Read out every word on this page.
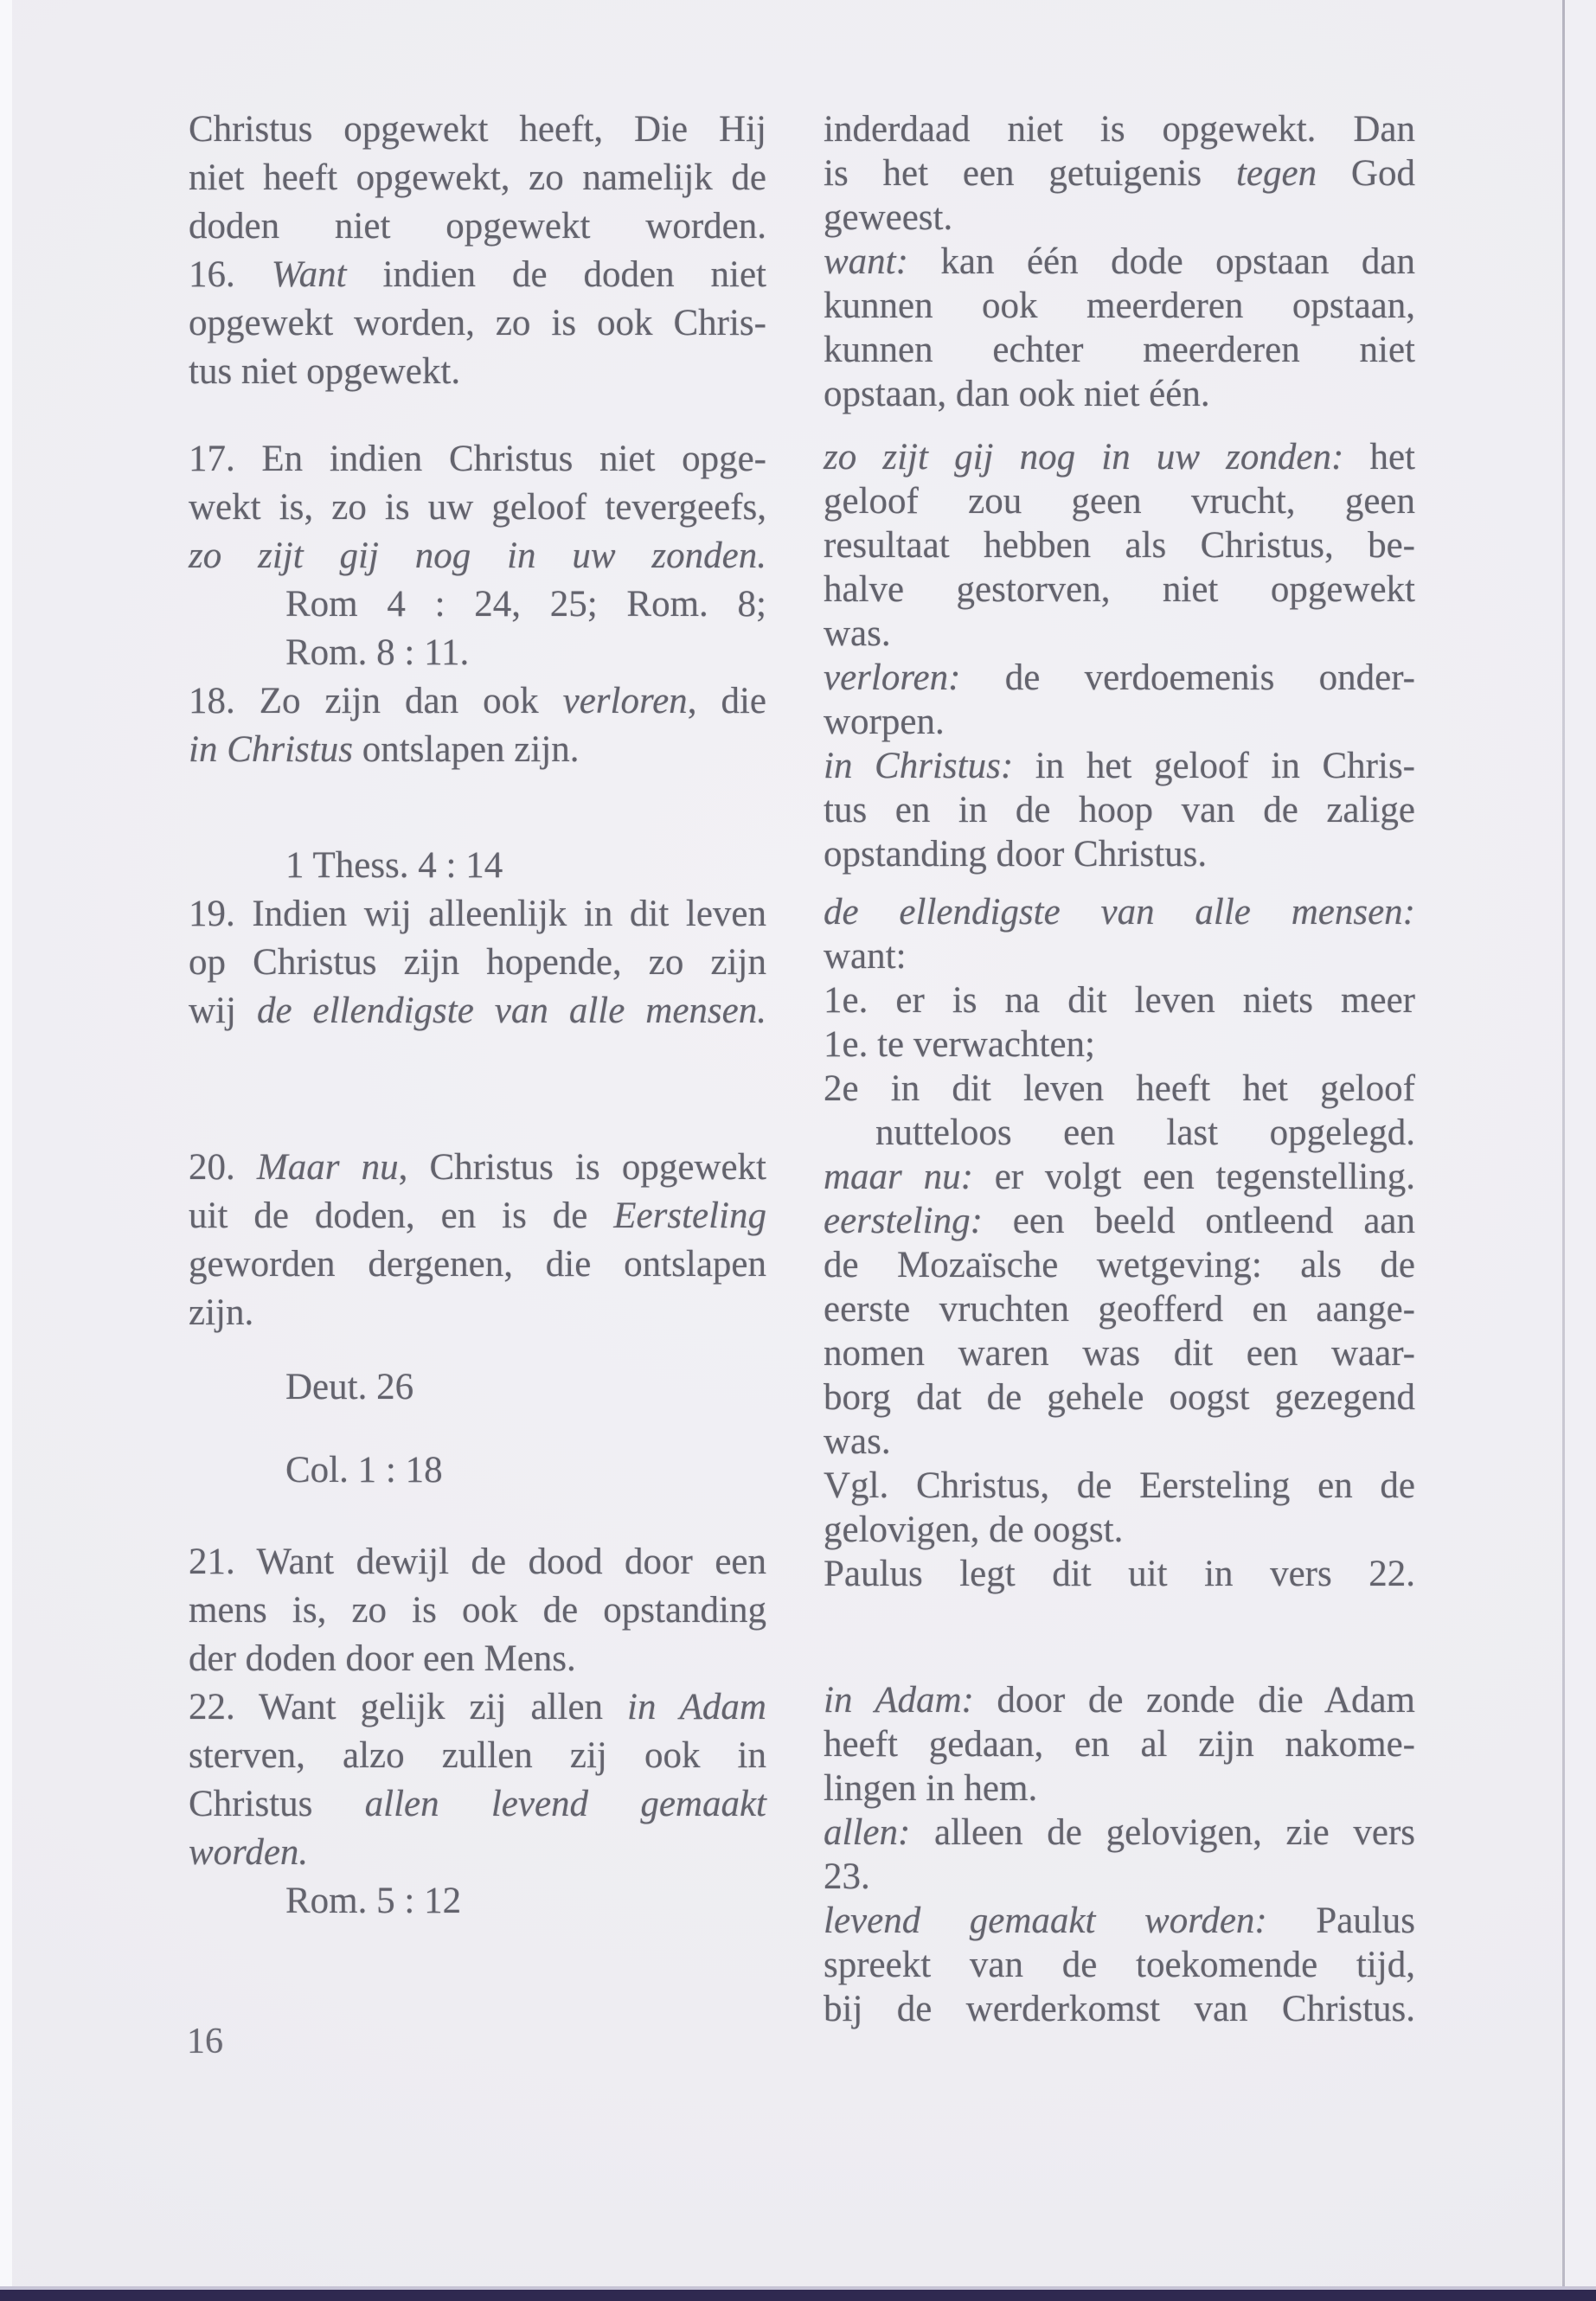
Christus opgewekt heeft, Die Hij
niet heeft opgewekt, zo namelijk de
doden niet opgewekt worden.
16. Want indien de doden niet
opgewekt worden, zo is ook Chris-
tus niet opgewekt.
17. En indien Christus niet opge-
wekt is, zo is uw geloof tevergeefs,
zo zijt gij nog in uw zonden.
Rom 4 : 24, 25; Rom. 8;
Rom. 8 : 11.
18. Zo zijn dan ook verloren, die
in Christus ontslapen zijn.
1 Thess. 4 : 14
19. Indien wij alleenlijk in dit leven
op Christus zijn hopende, zo zijn
wij de ellendigste van alle mensen.
20. Maar nu, Christus is opgewekt
uit de doden, en is de Eersteling
geworden dergenen, die ontslapen
zijn.
Deut. 26
Col. 1 : 18
21. Want dewijl de dood door een
mens is, zo is ook de opstanding
der doden door een Mens.
22. Want gelijk zij allen in Adam
sterven, alzo zullen zij ook in
Christus allen levend gemaakt
worden.
Rom. 5 : 12
inderdaad niet is opgewekt. Dan
is het een getuigenis tegen God
geweest.
want: kan één dode opstaan dan
kunnen ook meerderen opstaan,
kunnen echter meerderen niet
opstaan, dan ook niet één.
zo zijt gij nog in uw zonden: het
geloof zou geen vrucht, geen
resultaat hebben als Christus, be-
halve gestorven, niet opgewekt
was.
verloren: de verdoemenis onder-
worpen.
in Christus: in het geloof in Chris-
tus en in de hoop van de zalige
opstanding door Christus.
de ellendigste van alle mensen:
want:
1e. er is na dit leven niets meer
1e. te verwachten;
2e in dit leven heeft het geloof
nutteloos een last opgelegd.
maar nu: er volgt een tegenstelling.
eersteling: een beeld ontleend aan
de Mozaïsche wetgeving: als de
eerste vruchten geofferd en aange-
nomen waren was dit een waar-
borg dat de gehele oogst gezegend
was.
Vgl. Christus, de Eersteling en de
gelovigen, de oogst.
Paulus legt dit uit in vers 22.
in Adam: door de zonde die Adam
heeft gedaan, en al zijn nakome-
lingen in hem.
allen: alleen de gelovigen, zie vers
23.
levend gemaakt worden: Paulus
spreekt van de toekomende tijd,
bij de werderkomst van Christus.
16
